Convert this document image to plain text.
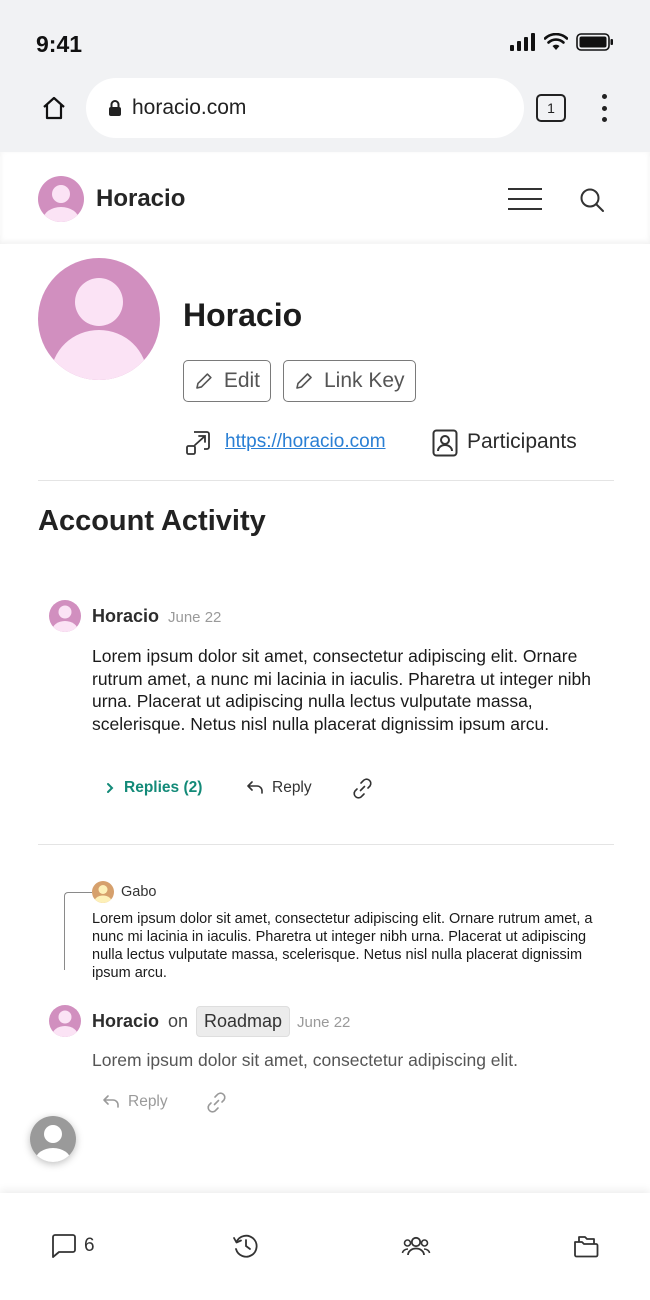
9:41
horacio.com	1
Horacio
Horacio
Edit	Link Key
https://horacio.com	Participants
Account Activity
Horacio June 22
Lorem ipsum dolor sit amet, consectetur adipiscing elit. Ornare rutrum amet, a nunc mi lacinia in iaculis. Pharetra ut integer nibh urna. Placerat ut adipiscing nulla lectus vulputate massa, scelerisque. Netus nisl nulla placerat dignissim ipsum arcu.
Replies (2)	Reply
Gabo
Lorem ipsum dolor sit amet, consectetur adipiscing elit. Ornare rutrum amet, a nunc mi lacinia in iaculis. Pharetra ut integer nibh urna. Placerat ut adipiscing nulla lectus vulputate massa, scelerisque. Netus nisl nulla placerat dignissim ipsum arcu.
Horacio on Roadmap June 22
Lorem ipsum dolor sit amet, consectetur adipiscing elit.
Reply
6
